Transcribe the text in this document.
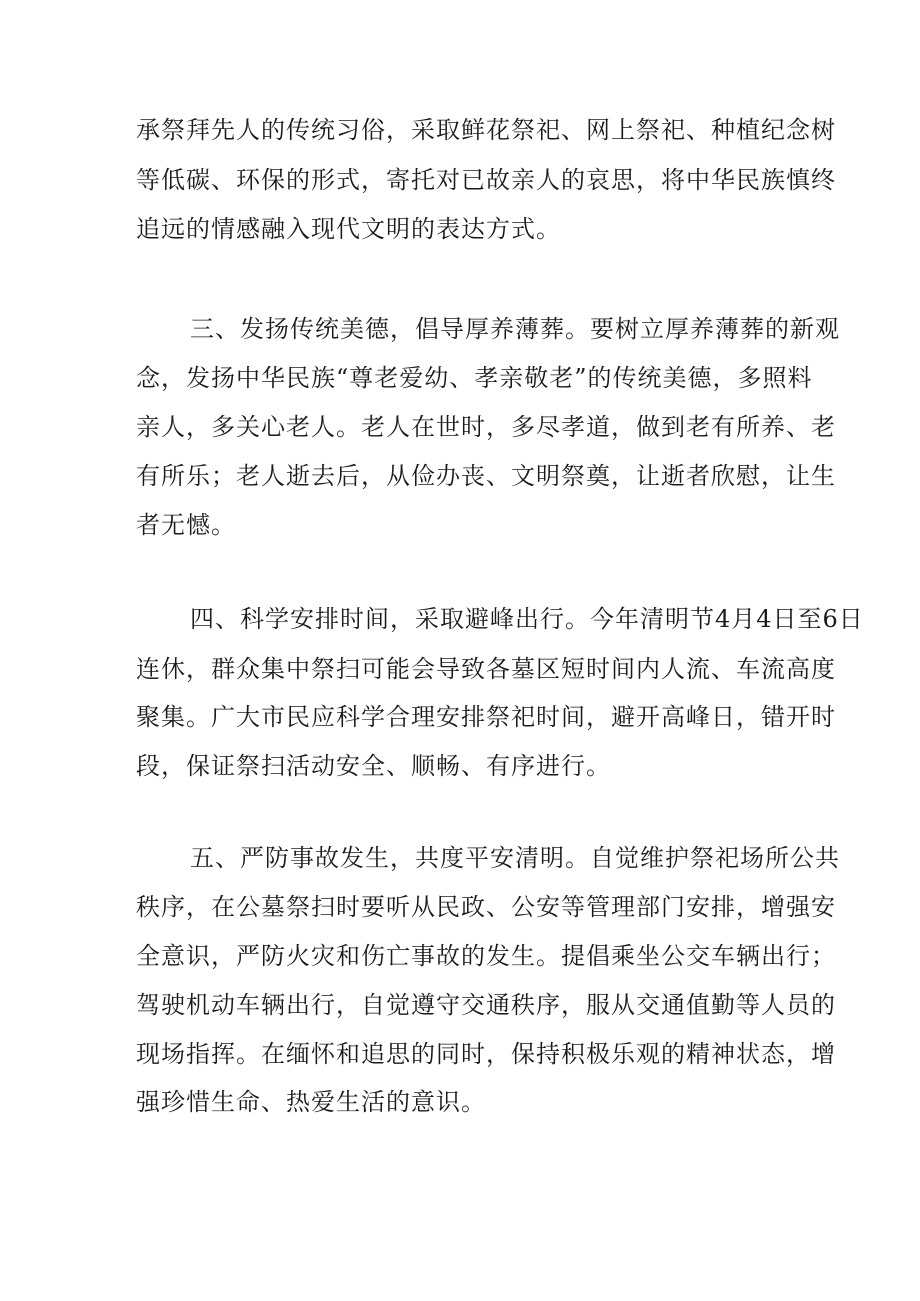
承祭拜先人的传统习俗，采取鲜花祭祀、网上祭祀、种植纪念树

等低碳、环保的形式，寄托对已故亲人的哀思，将中华民族慎终

追远的情感融入现代文明的表达方式。

三、发扬传统美德，倡导厚养薄葬。要树立厚养薄葬的新观

念，发扬中华民族“尊老爱幼、孝亲敬老”的传统美德，多照料

亲人，多关心老人。老人在世时，多尽孝道，做到老有所养、老

有所乐；老人逝去后，从俭办丧、文明祭奠，让逝者欣慰，让生

者无憾。

四、科学安排时间，采取避峰出行。今年清明节4月4日至6日

连休，群众集中祭扫可能会导致各墓区短时间内人流、车流高度

聚集。广大市民应科学合理安排祭祀时间，避开高峰日，错开时

段，保证祭扫活动安全、顺畅、有序进行。

五、严防事故发生，共度平安清明。自觉维护祭祀场所公共

秩序，在公墓祭扫时要听从民政、公安等管理部门安排，增强安

全意识，严防火灾和伤亡事故的发生。提倡乘坐公交车辆出行；

驾驶机动车辆出行，自觉遵守交通秩序，服从交通值勤等人员的

现场指挥。在缅怀和追思的同时，保持积极乐观的精神状态，增

强珍惜生命、热爱生活的意识。
